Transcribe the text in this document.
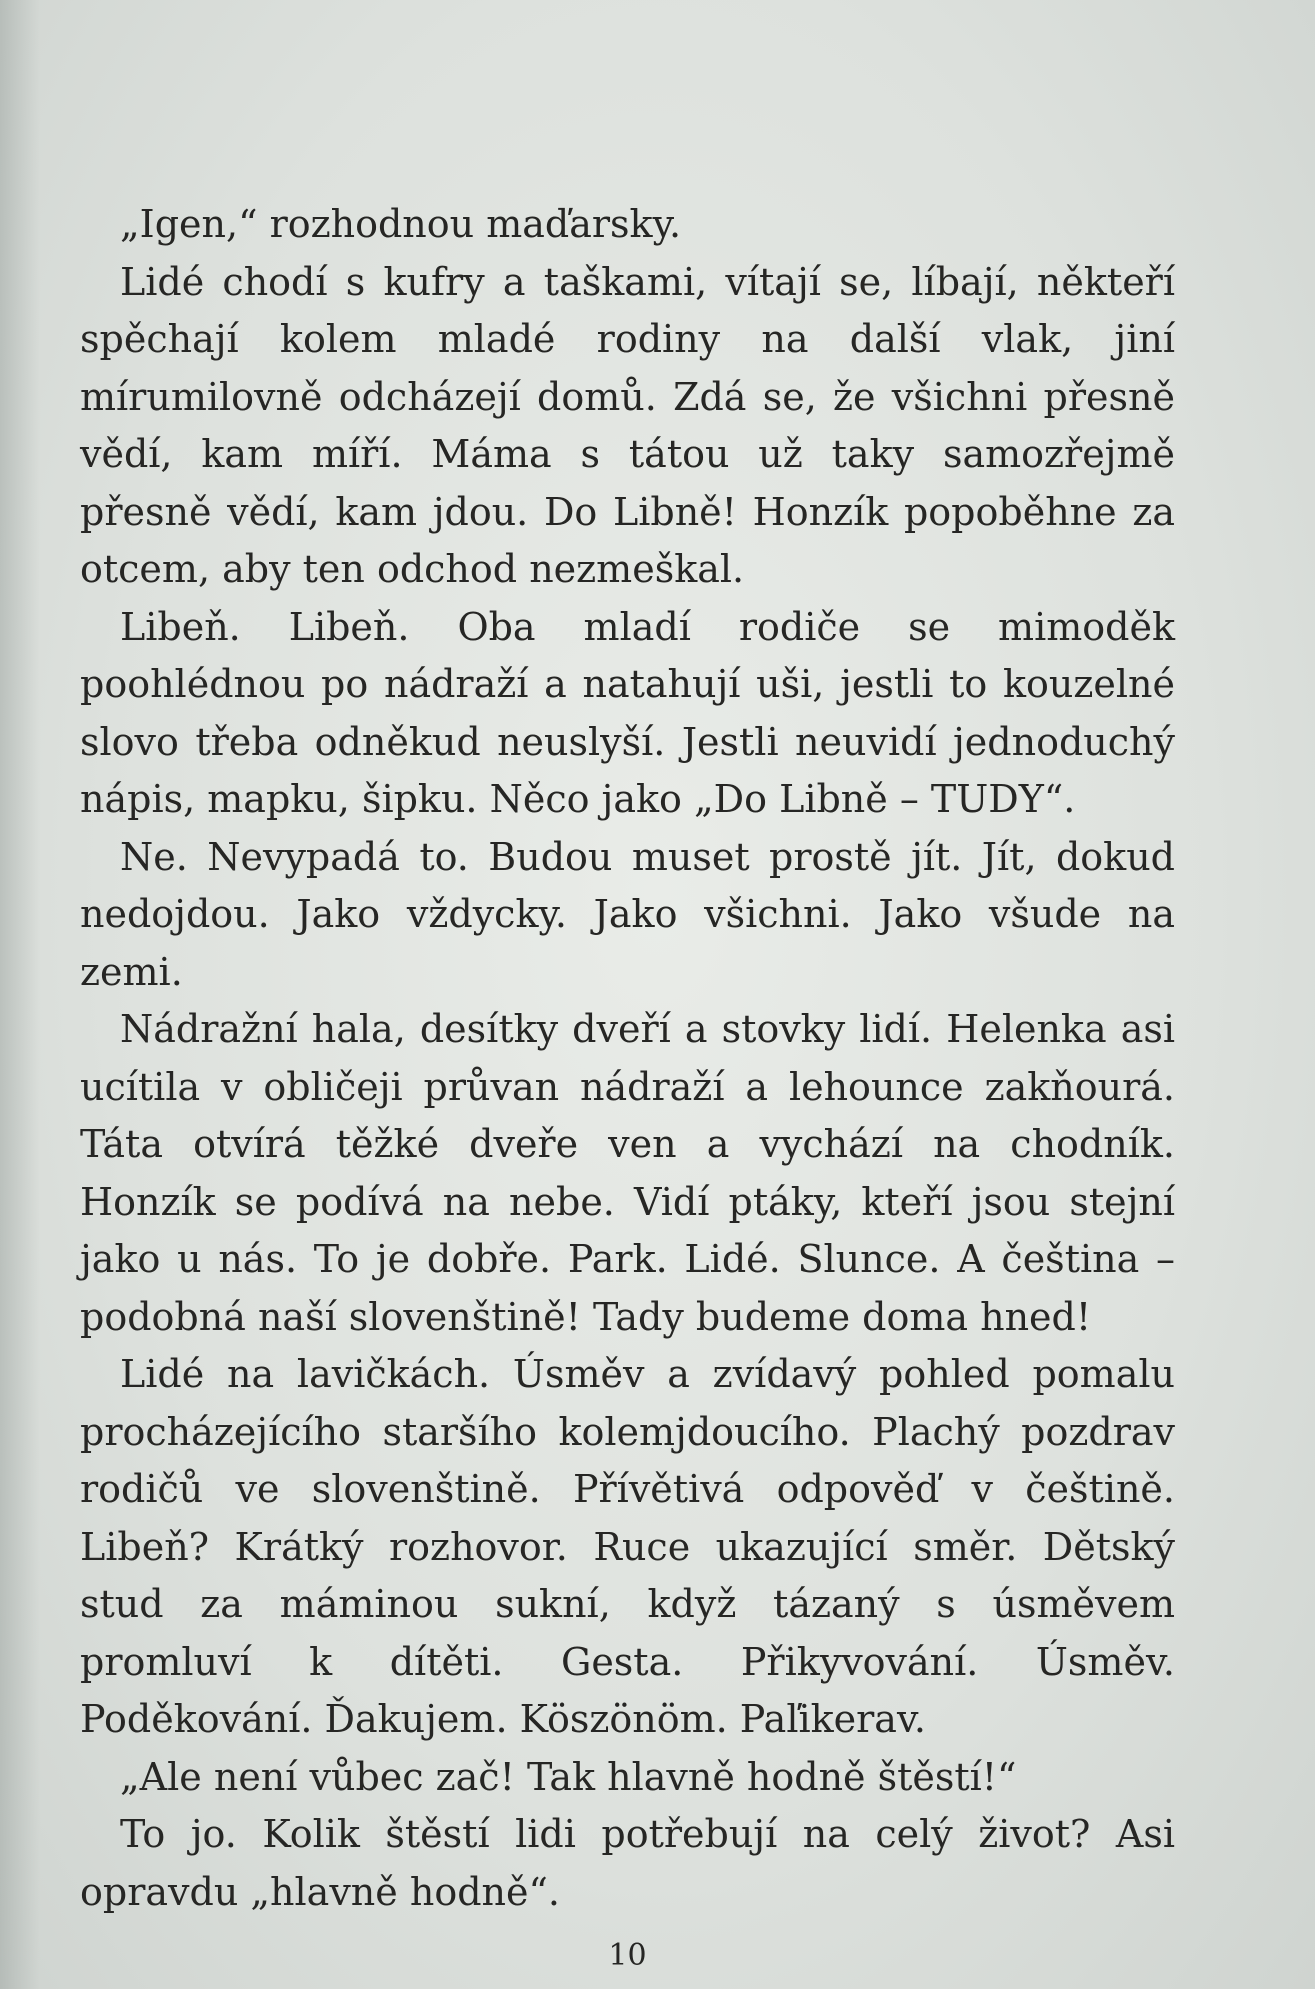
„Igen,“ rozhodnou maďarsky.

Lidé chodí s kufry a taškami, vítají se, líbají, někteří spěchají kolem mladé rodiny na další vlak, jiní mírumilovně odcházejí domů. Zdá se, že všichni přesně vědí, kam míří. Máma s tátou už taky samozřejmě přesně vědí, kam jdou. Do Libně! Honzík popoběhne za otcem, aby ten odchod nezmeškal.

Libeň. Libeň. Oba mladí rodiče se mimoděk poohlédnou po nádraží a natahují uši, jestli to kouzelné slovo třeba odněkud neuslyší. Jestli neuvidí jednoduchý nápis, mapku, šipku. Něco jako „Do Libně – TUDY“.

Ne. Nevypadá to. Budou muset prostě jít. Jít, dokud nedojdou. Jako vždycky. Jako všichni. Jako všude na zemi.

Nádražní hala, desítky dveří a stovky lidí. Helenka asi ucítila v obličeji průvan nádraží a lehounce zakňourá. Táta otvírá těžké dveře ven a vychází na chodník. Honzík se podívá na nebe. Vidí ptáky, kteří jsou stejní jako u nás. To je dobře. Park. Lidé. Slunce. A čeština – podobná naší slovenštině! Tady budeme doma hned!

Lidé na lavičkách. Úsměv a zvídavý pohled pomalu procházejícího staršího kolemjdoucího. Plachý pozdrav rodičů ve slovenštině. Přívětivá odpověď v češtině. Libeň? Krátký rozhovor. Ruce ukazující směr. Dětský stud za máminou sukní, když tázaný s úsměvem promluví k dítěti. Gesta. Přikyvování. Úsměv. Poděkování. Ďakujem. Köszönöm. Paľikerav.

„Ale není vůbec zač! Tak hlavně hodně štěstí!“

To jo. Kolik štěstí lidi potřebují na celý život? Asi opravdu „hlavně hodně“.

10
